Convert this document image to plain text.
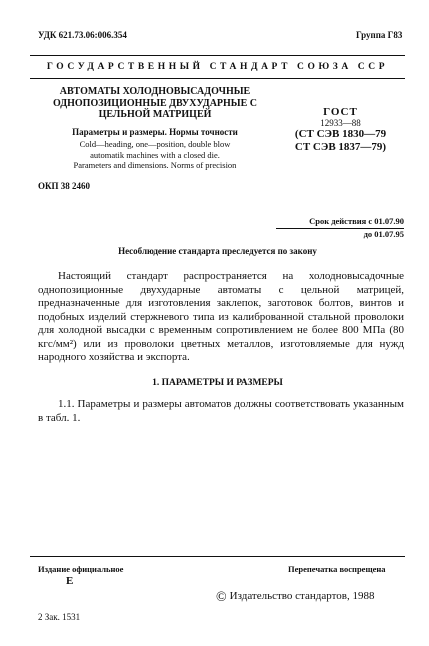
УДК 621.73.06:006.354	Группа Г83
ГОСУДАРСТВЕННЫЙ СТАНДАРТ СОЮЗА ССР
АВТОМАТЫ ХОЛОДНОВЫСАДОЧНЫЕ
ОДНОПОЗИЦИОННЫЕ ДВУХУДАРНЫЕ С
ЦЕЛЬНОЙ МАТРИЦЕЙ
Параметры и размеры. Нормы точности
Cold—heading, one—position, double blow
automatik machines with a closed die.
Parameters and dimensions. Norms of precision
ГОСТ
12933—88
(СТ СЭВ 1830—79
СТ СЭВ 1837—79)
ОКП 38 2460
Срок действия с 01.07.90
до 01.07.95
Несоблюдение стандарта преследуется по закону
Настоящий стандарт распространяется на холодновысадочные однопозиционные двухударные автоматы с цельной матрицей, предназначенные для изготовления заклепок, заготовок болтов, винтов и подобных изделий стержневого типа из калиброванной стальной проволоки для холодной высадки с временным сопротивлением не более 800 МПа (80 кгс/мм²) или из проволоки цветных металлов, изготовляемые для нужд народного хозяйства и экспорта.
1. ПАРАМЕТРЫ И РАЗМЕРЫ
1.1. Параметры и размеры автоматов должны соответствовать указанным в табл. 1.
Издание официальное
E
Перепечатка воспрещена
© Издательство стандартов, 1988
2 Зак. 1531
